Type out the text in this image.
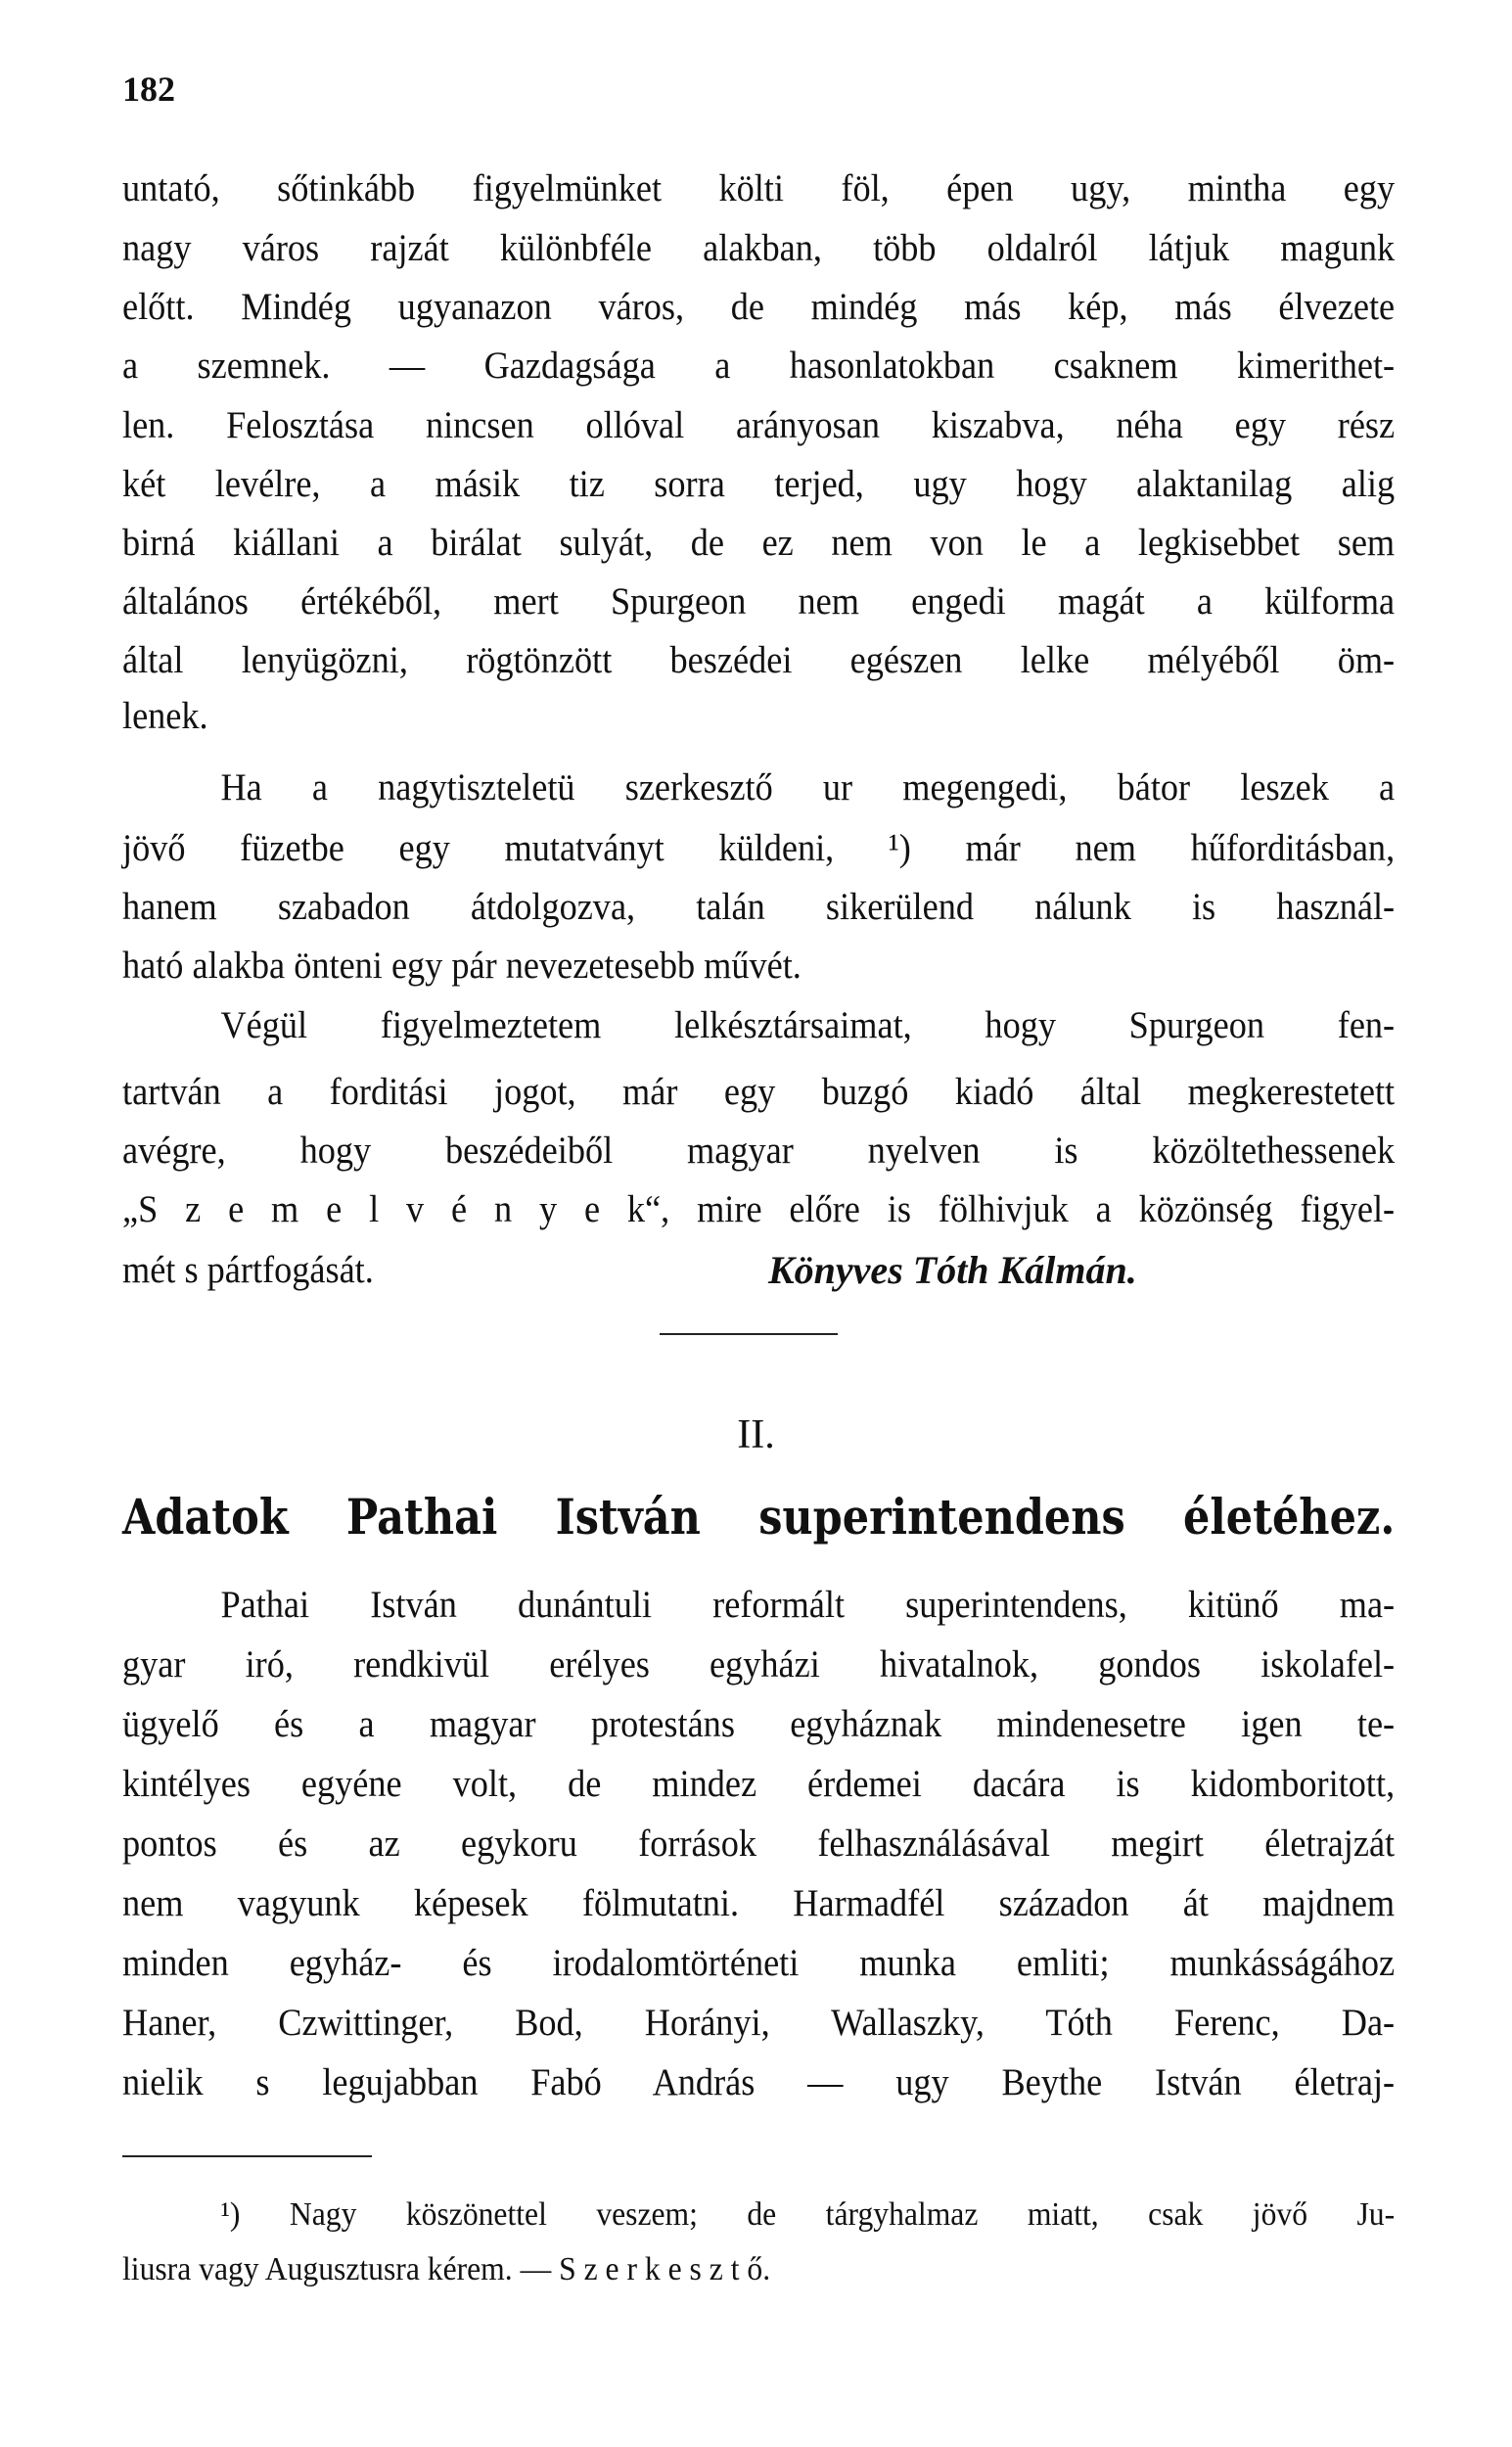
182
untató, sőtinkább figyelmünket költi föl, épen ugy, mintha egy
nagy város rajzát különbféle alakban, több oldalról látjuk magunk
előtt. Mindég ugyanazon város, de mindég más kép, más élvezete
a szemnek. — Gazdagsága a hasonlatokban csaknem kimerithet-
len. Felosztása nincsen ollóval arányosan kiszabva, néha egy rész
két levélre, a másik tiz sorra terjed, ugy hogy alaktanilag alig
birná kiállani a birálat sulyát, de ez nem von le a legkisebbet sem
általános értékéből, mert Spurgeon nem engedi magát a külforma
által lenyügözni, rögtönzött beszédei egészen lelke mélyéből öm-
lenek.
Ha a nagytiszteletü szerkesztő ur megengedi, bátor leszek a
jövő füzetbe egy mutatványt küldeni, ¹) már nem hűforditásban,
hanem szabadon átdolgozva, talán sikerülend nálunk is használ-
ható alakba önteni egy pár nevezetesebb művét.
Végül figyelmeztetem lelkésztársaimat, hogy Spurgeon fen-
tartván a forditási jogot, már egy buzgó kiadó által megkerestetett
avégre, hogy beszédeiből magyar nyelven is közöltethessenek
„S z e m e l v é n y e k“, mire előre is fölhivjuk a közönség figyel-
mét s pártfogását.	Könyves Tóth Kálmán.
II.
Adatok Pathai István superintendens életéhez.
Pathai István dunántuli reformált superintendens, kitünő ma-
gyar iró, rendkivül erélyes egyházi hivatalnok, gondos iskolafel-
ügyelő és a magyar protestáns egyháznak mindenesetre igen te-
kintélyes egyéne volt, de mindez érdemei dacára is kidomboritott,
pontos és az egykoru források felhasználásával megirt életrajzát
nem vagyunk képesek fölmutatni. Harmadfél századon át majdnem
minden egyház- és irodalomtörténeti munka emliti; munkásságához
Haner, Czwittinger, Bod, Horányi, Wallaszky, Tóth Ferenc, Da-
nielik s legujabban Fabó András — ugy Beythe István életraj-
¹) Nagy köszönettel veszem; de tárgyhalmaz miatt, csak jövő Ju-
liusra vagy Augusztusra kérem. — S z e r k e s z t ő.
